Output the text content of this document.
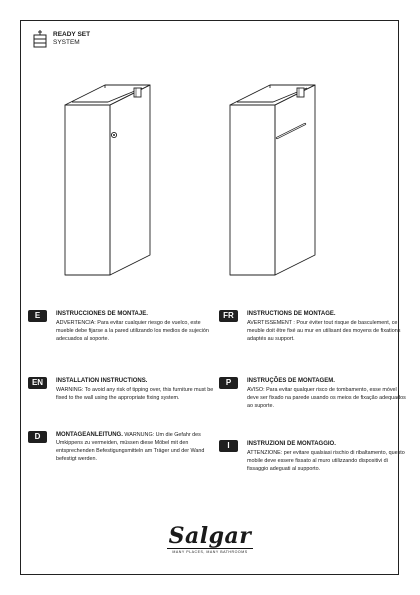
READY SET
SYSTEM
E	INSTRUCCIONES DE MONTAJE.

ADVERTENCIA: Para evitar cualquier riesgo de vuelco, este mueble debe fijarse a la pared utilizando los medios de sujeción adecuados al soporte.

EN	INSTALLATION INSTRUCTIONS.

WARNING: To avoid any risk of tipping over, this furniture must be fixed to the wall using the appropriate fixing system.

D	MONTAGEANLEITUNG. WARNUNG: Um die Gefahr des Umkippens zu vermeiden, müssen diese Möbel mit den entsprechenden Befestigungsmitteln am Träger und der Wand befestigt werden.

FR	INSTRUCTIONS DE MONTAGE.

AVERTISSEMENT : Pour éviter tout risque de basculement, ce meuble doit être fixé au mur en utilisant des moyens de fixations adaptés au support.

P	INSTRUÇÕES DE MONTAGEM.

AVISO: Para evitar qualquer risco de tombamento, esse móvel deve ser fixado na parede usando os meios de fixação adequados ao suporte.

I	INSTRUZIONI DE MONTAGGIO.

ATTENZIONE: per evitare qualsiasi rischio di ribaltamento, questo mobile deve essere fissato al muro utilizzando dispositivi di fissaggio adeguati al supporto.

Salgar
MANY PLACES, MANY BATHROOMS
